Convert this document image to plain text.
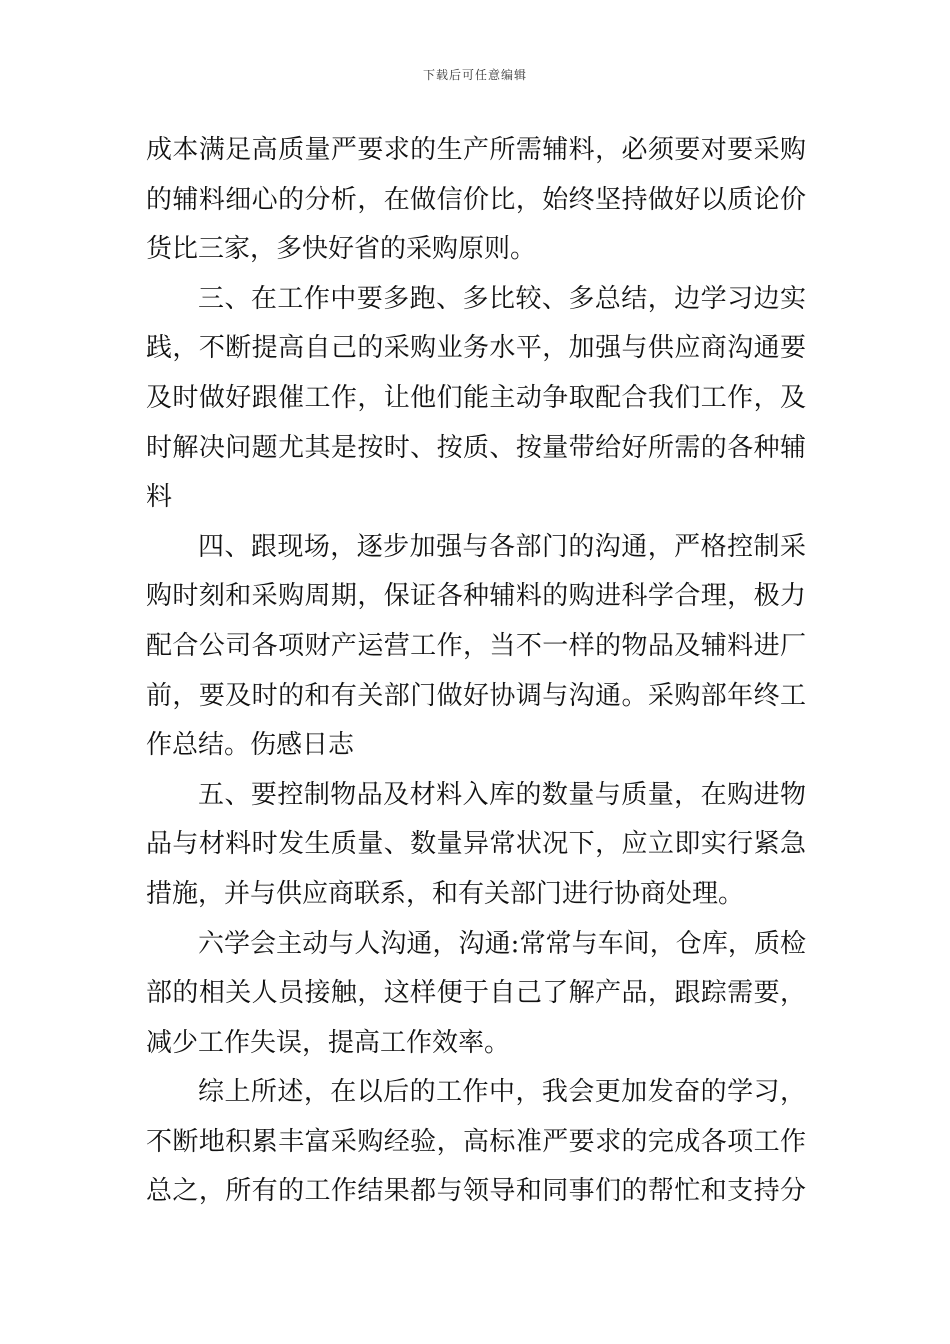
下载后可任意编辑
成本满足高质量严要求的生产所需辅料，必须要对要采购
的辅料细心的分析，在做信价比，始终坚持做好以质论价
货比三家，多快好省的采购原则。
三、在工作中要多跑、多比较、多总结，边学习边实
践，不断提高自己的采购业务水平，加强与供应商沟通要
及时做好跟催工作，让他们能主动争取配合我们工作，及
时解决问题尤其是按时、按质、按量带给好所需的各种辅
料
四、跟现场，逐步加强与各部门的沟通，严格控制采
购时刻和采购周期，保证各种辅料的购进科学合理，极力
配合公司各项财产运营工作，当不一样的物品及辅料进厂
前，要及时的和有关部门做好协调与沟通。采购部年终工
作总结。伤感日志
五、要控制物品及材料入库的数量与质量，在购进物
品与材料时发生质量、数量异常状况下，应立即实行紧急
措施，并与供应商联系，和有关部门进行协商处理。
六学会主动与人沟通，沟通:常常与车间，仓库，质检
部的相关人员接触，这样便于自己了解产品，跟踪需要，
减少工作失误，提高工作效率。
综上所述，在以后的工作中，我会更加发奋的学习，
不断地积累丰富采购经验，高标准严要求的完成各项工作
总之，所有的工作结果都与领导和同事们的帮忙和支持分
